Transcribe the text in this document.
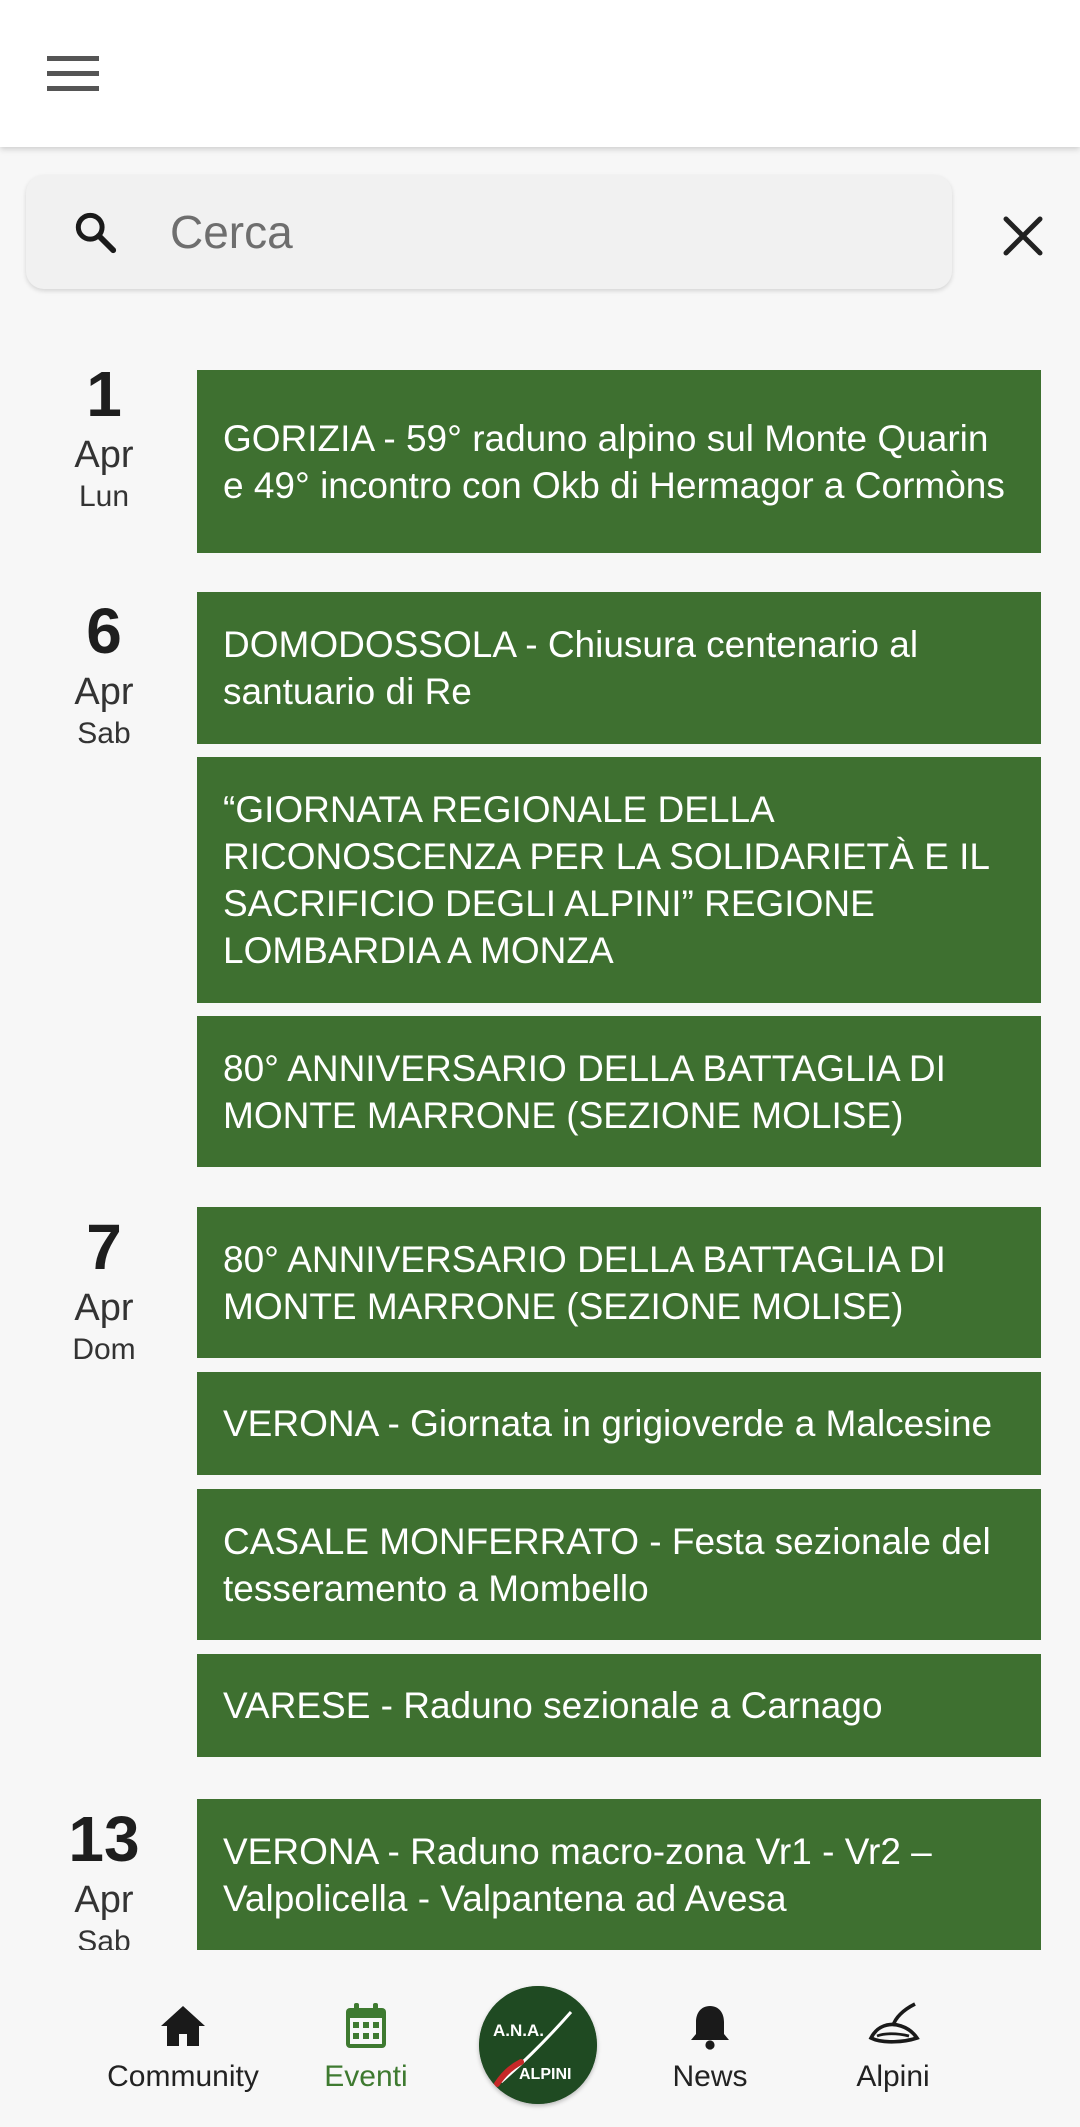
Cerca
1
Apr
Lun
GORIZIA - 59° raduno alpino sul Monte Quarin e 49° incontro con Okb di Hermagor a Cormòns
6
Apr
Sab
DOMODOSSOLA - Chiusura centenario al santuario di Re
“GIORNATA REGIONALE DELLA RICONOSCENZA PER LA SOLIDARIETÀ E IL SACRIFICIO DEGLI ALPINI” REGIONE LOMBARDIA A MONZA
80° ANNIVERSARIO DELLA BATTAGLIA DI MONTE MARRONE (SEZIONE MOLISE)
7
Apr
Dom
80° ANNIVERSARIO DELLA BATTAGLIA DI MONTE MARRONE (SEZIONE MOLISE)
VERONA - Giornata in grigioverde a Malcesine
CASALE MONFERRATO - Festa sezionale del tesseramento a Mombello
VARESE - Raduno sezionale a Carnago
13
Apr
Sab
VERONA - Raduno macro-zona Vr1 - Vr2 – Valpolicella - Valpantena ad Avesa
Community	Eventi
A.N.A.
ALPINI	News	Alpini
